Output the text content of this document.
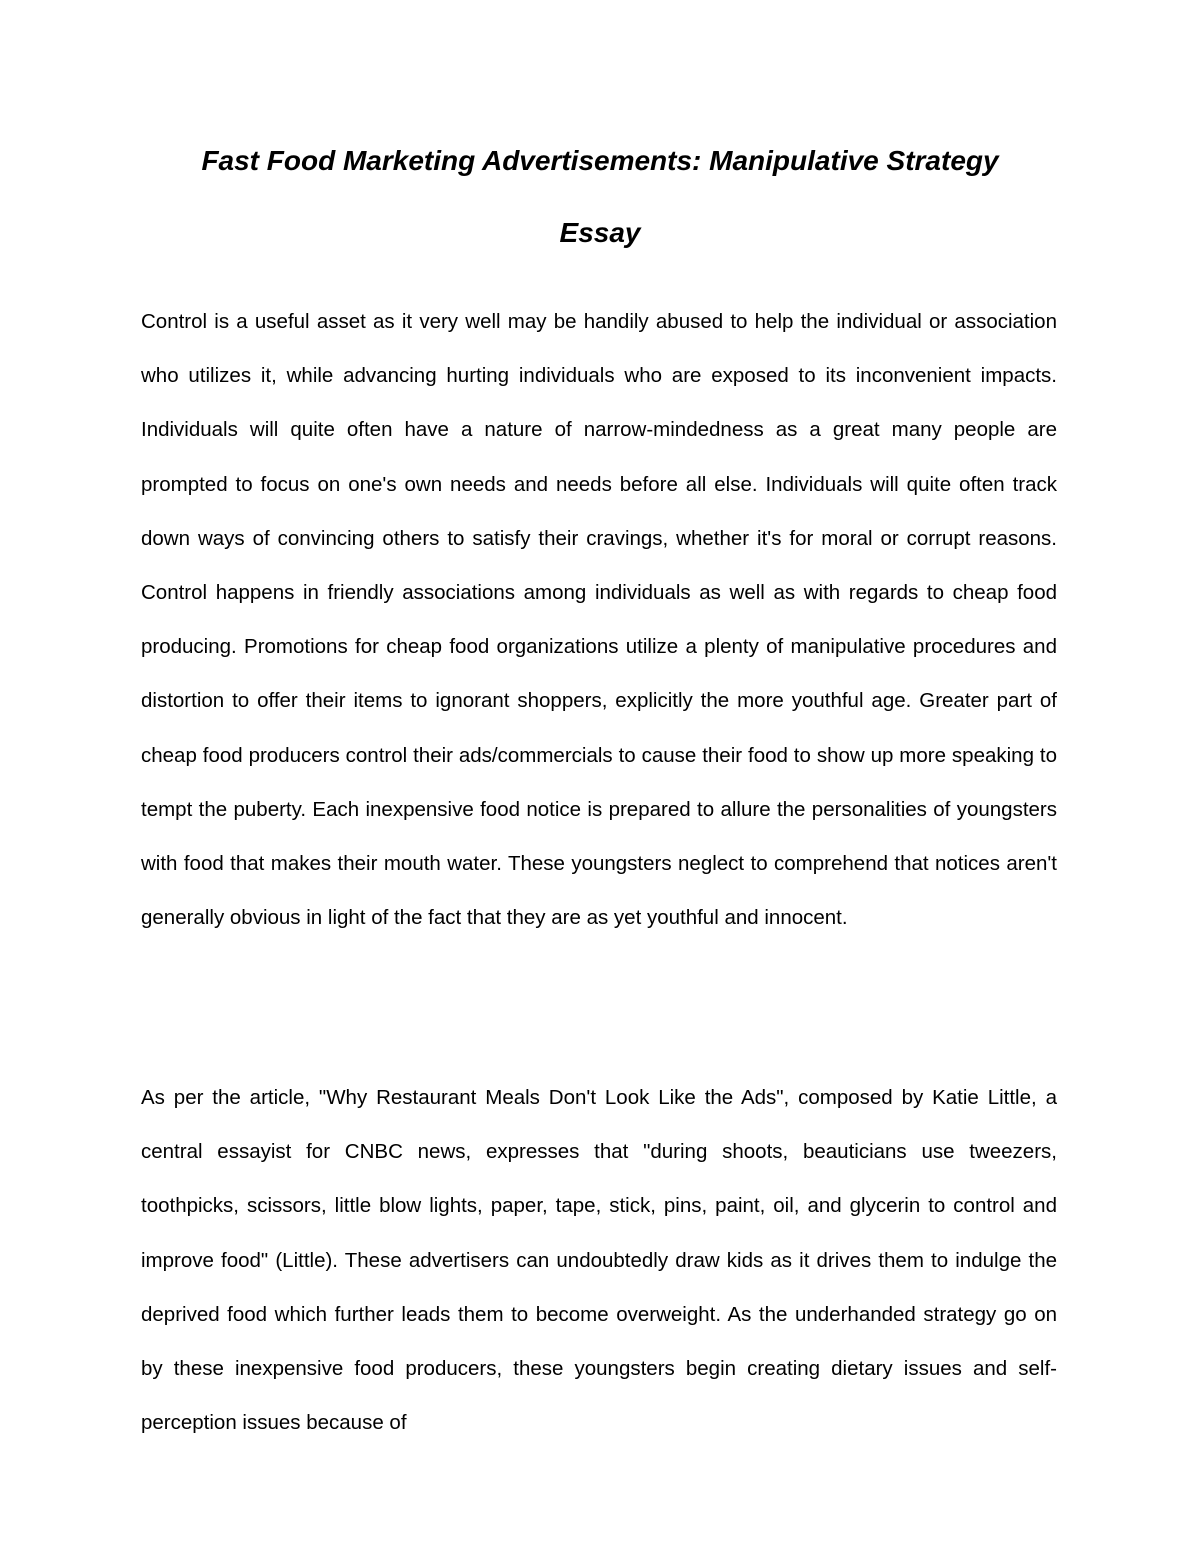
Fast Food Marketing Advertisements: Manipulative Strategy
Essay

Control is a useful asset as it very well may be handily abused to help the individual or association who utilizes it, while advancing hurting individuals who are exposed to its inconvenient impacts. Individuals will quite often have a nature of narrow-mindedness as a great many people are prompted to focus on one's own needs and needs before all else. Individuals will quite often track down ways of convincing others to satisfy their cravings, whether it's for moral or corrupt reasons. Control happens in friendly associations among individuals as well as with regards to cheap food producing. Promotions for cheap food organizations utilize a plenty of manipulative procedures and distortion to offer their items to ignorant shoppers, explicitly the more youthful age. Greater part of cheap food producers control their ads/commercials to cause their food to show up more speaking to tempt the puberty. Each inexpensive food notice is prepared to allure the personalities of youngsters with food that makes their mouth water. These youngsters neglect to comprehend that notices aren't generally obvious in light of the fact that they are as yet youthful and innocent.

As per the article, "Why Restaurant Meals Don't Look Like the Ads", composed by Katie Little, a central essayist for CNBC news, expresses that "during shoots, beauticians use tweezers, toothpicks, scissors, little blow lights, paper, tape, stick, pins, paint, oil, and glycerin to control and improve food" (Little). These advertisers can undoubtedly draw kids as it drives them to indulge the deprived food which further leads them to become overweight. As the underhanded strategy go on by these inexpensive food producers, these youngsters begin creating dietary issues and self-perception issues because of
